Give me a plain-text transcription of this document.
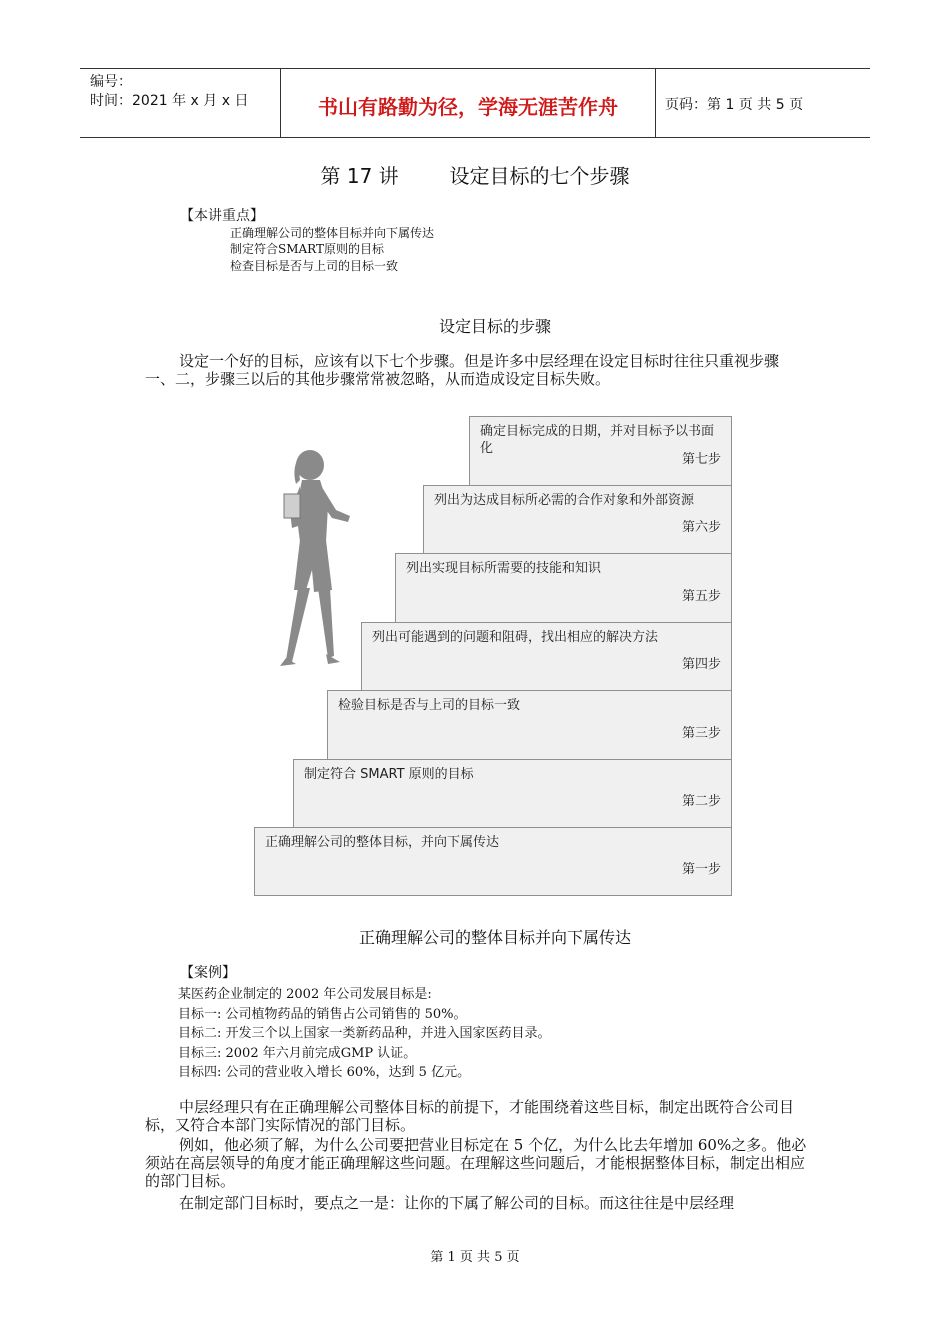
编号：
时间：2021 年 x 月 x 日	书山有路勤为径，学海无涯苦作舟	页码：第 1 页 共 5 页
第 17 讲        设定目标的七个步骤
【本讲重点】
正确理解公司的整体目标并向下属传达
制定符合SMART原则的目标
检查目标是否与上司的目标一致
设定目标的步骤
设定一个好的目标，应该有以下七个步骤。但是许多中层经理在设定目标时往往只重视步骤一、二，步骤三以后的其他步骤常常被忽略，从而造成设定目标失败。
正确理解公司的整体目标，并向下属传达
第一步
制定符合 SMART 原则的目标
第二步
检验目标是否与上司的目标一致
第三步
列出可能遇到的问题和阻碍，找出相应的解决方法
第四步
列出实现目标所需要的技能和知识
第五步
列出为达成目标所必需的合作对象和外部资源
第六步
确定目标完成的日期，并对目标予以书面化
第七步
正确理解公司的整体目标并向下属传达
【案例】
某医药企业制定的 2002 年公司发展目标是:
目标一: 公司植物药品的销售占公司销售的 50%。
目标二: 开发三个以上国家一类新药品种，并进入国家医药目录。
目标三: 2002 年六月前完成GMP 认证。
目标四: 公司的营业收入增长 60%，达到 5 亿元。
中层经理只有在正确理解公司整体目标的前提下，才能围绕着这些目标，制定出既符合公司目标，又符合本部门实际情况的部门目标。
例如，他必须了解，为什么公司要把营业目标定在 5 个亿，为什么比去年增加 60%之多。他必须站在高层领导的角度才能正确理解这些问题。在理解这些问题后，才能根据整体目标，制定出相应的部门目标。
在制定部门目标时，要点之一是：让你的下属了解公司的目标。而这往往是中层经理
第 1 页 共 5 页
